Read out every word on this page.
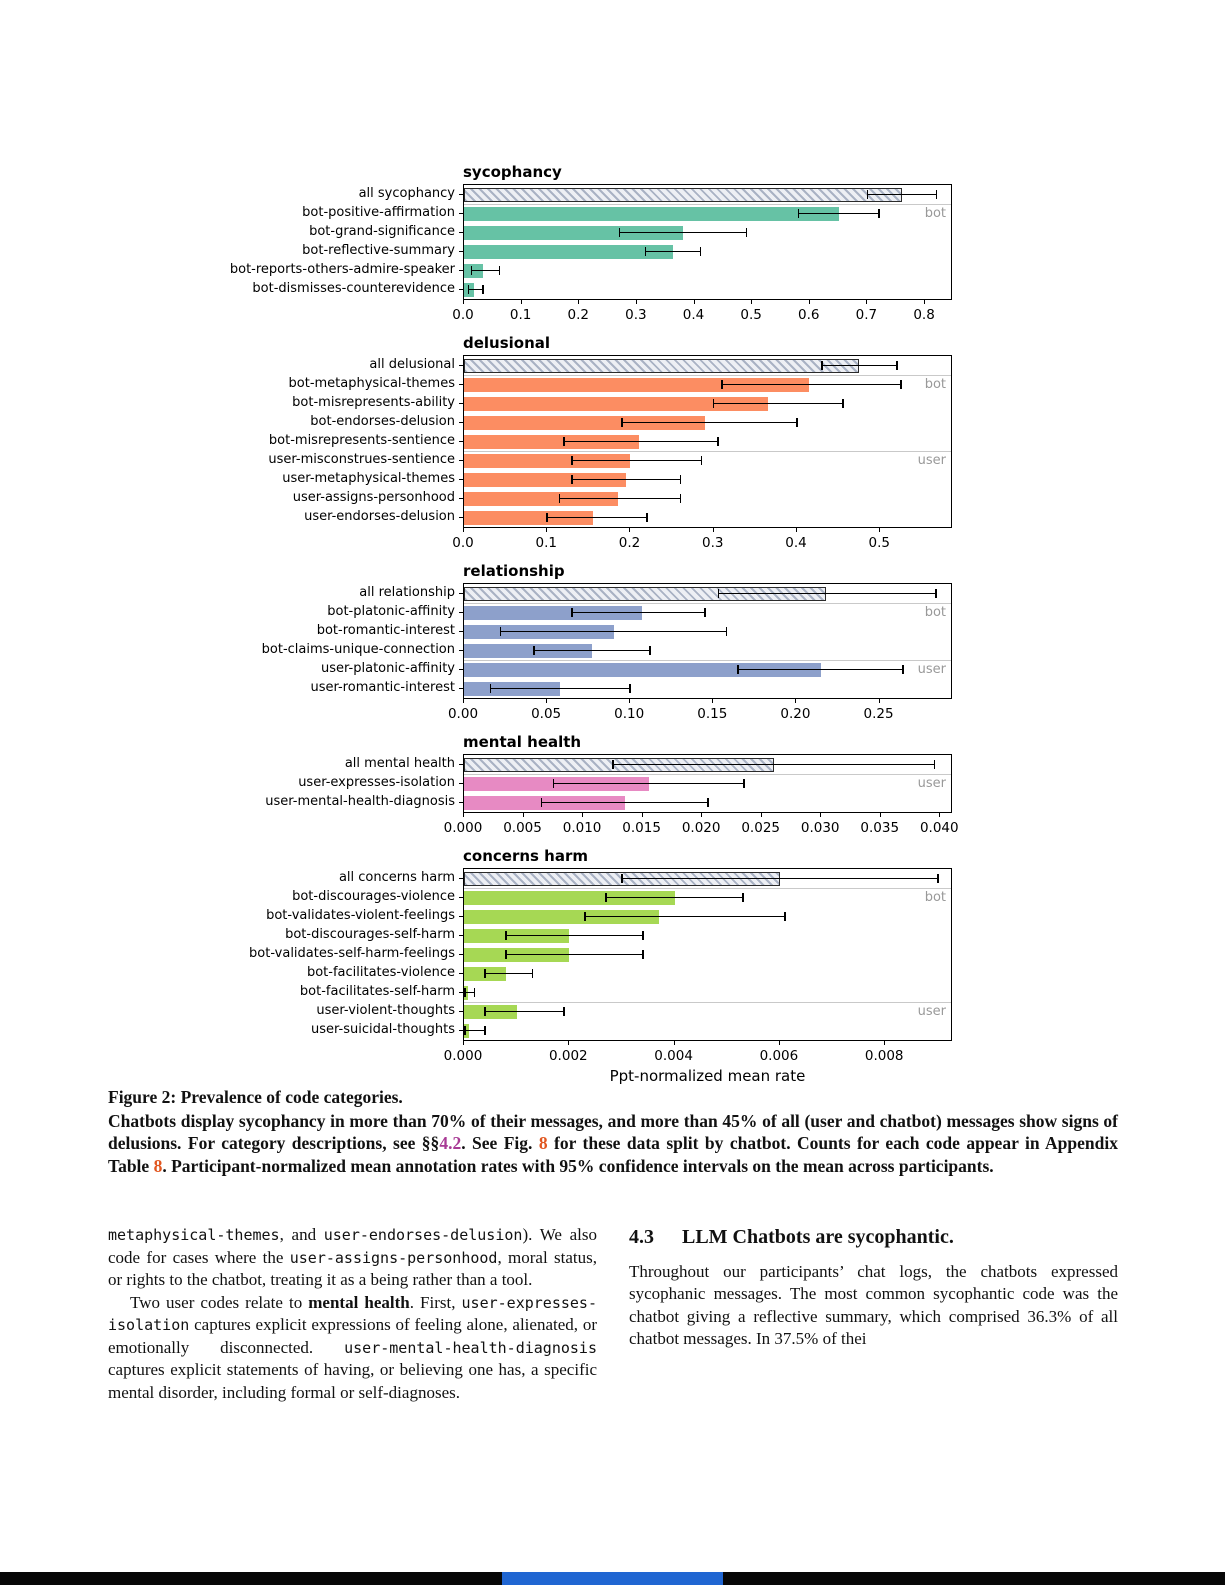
sycophancy
all sycophancy
bot-positive-affirmation
bot-grand-significance
bot-reflective-summary
bot-reports-others-admire-speaker
bot-dismisses-counterevidence
bot
0.0	0.1	0.2	0.3	0.4	0.5	0.6	0.7	0.8
delusional
all delusional
bot-metaphysical-themes
bot-misrepresents-ability
bot-endorses-delusion
bot-misrepresents-sentience
user-misconstrues-sentience
user-metaphysical-themes
user-assigns-personhood
user-endorses-delusion
bot
user
0.0	0.1	0.2	0.3	0.4	0.5
relationship
all relationship
bot-platonic-affinity
bot-romantic-interest
bot-claims-unique-connection
user-platonic-affinity
user-romantic-interest
bot
user
0.00	0.05	0.10	0.15	0.20	0.25
mental health
all mental health
user-expresses-isolation
user-mental-health-diagnosis
user
0.000 0.005 0.010 0.015 0.020 0.025 0.030 0.035 0.040
concerns harm
all concerns harm
bot-discourages-violence
bot-validates-violent-feelings
bot-discourages-self-harm
bot-validates-self-harm-feelings
bot-facilitates-violence
bot-facilitates-self-harm
user-violent-thoughts
user-suicidal-thoughts
bot
user
0.000	0.002	0.004	0.006	0.008
Ppt-normalized mean rate
Figure 2: Prevalence of code categories.
Chatbots display sycophancy in more than 70% of their messages, and more than 45% of all (user and chatbot) messages show signs of delusions. For category descriptions, see §§4.2. See Fig. 8 for these data split by chatbot. Counts for each code appear in Appendix Table 8. Participant-normalized mean annotation rates with 95% confidence intervals on the mean across participants.

metaphysical-themes, and user-endorses-delusion). We also code for cases where the user-assigns-personhood, moral status, or rights to the chatbot, treating it as a being rather than a tool.

Two user codes relate to mental health. First, user-expresses-isolation captures explicit expressions of feeling alone, alienated, or emotionally disconnected. user-mental-health-diagnosis captures explicit statements of having, or believing one has, a specific mental disorder, including formal or self-diagnoses.

4.3 LLM Chatbots are sycophantic.

Throughout our participants’ chat logs, the chatbots expressed sycophanic messages. The most common sycophantic code was the chatbot giving a reflective summary, which comprised 36.3% of all chatbot messages. In 37.5% of thei
